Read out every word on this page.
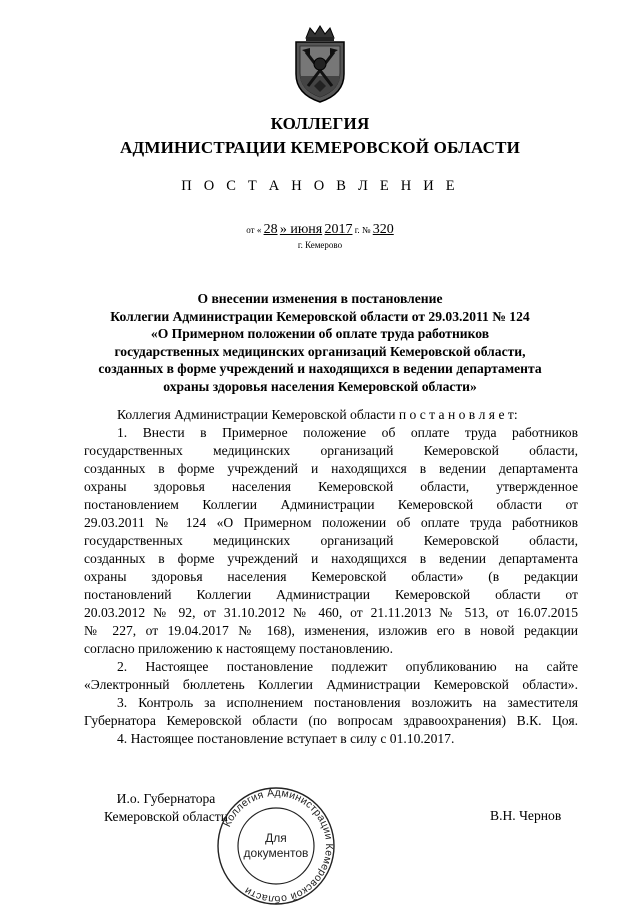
КОЛЛЕГИЯ
АДМИНИСТРАЦИИ КЕМЕРОВСКОЙ ОБЛАСТИ
П О С Т А Н О В Л Е Н И Е
от « 28 » июня 2017 г. № 320
г. Кемерово
О внесении изменения в постановление
Коллегии Администрации Кемеровской области от 29.03.2011 № 124
«О Примерном положении об оплате труда работников
государственных медицинских организаций Кемеровской области,
созданных в форме учреждений и находящихся в ведении департамента
охраны здоровья населения Кемеровской области»
Коллегия Администрации Кемеровской области п о с т а н о в л я е т:
1. Внести в Примерное положение об оплате труда работников
государственных медицинских организаций Кемеровской области,
созданных в форме учреждений и находящихся в ведении департамента
охраны здоровья населения Кемеровской области, утвержденное
постановлением Коллегии Администрации Кемеровской области от
29.03.2011 № 124 «О Примерном положении об оплате труда работников
государственных медицинских организаций Кемеровской области,
созданных в форме учреждений и находящихся в ведении департамента
охраны здоровья населения Кемеровской области» (в редакции
постановлений Коллегии Администрации Кемеровской области от
20.03.2012 № 92, от 31.10.2012 № 460, от 21.11.2013 № 513, от 16.07.2015
№ 227, от 19.04.2017 № 168), изменения, изложив его в новой редакции
согласно приложению к настоящему постановлению.
2. Настоящее постановление подлежит опубликованию на сайте
«Электронный бюллетень Коллегии Администрации Кемеровской области».
3. Контроль за исполнением постановления возложить на заместителя
Губернатора Кемеровской области (по вопросам здравоохранения) В.К. Цоя.
4. Настоящее постановление вступает в силу с 01.10.2017.
И.о. Губернатора
Кемеровской области	В.Н. Чернов
Коллегия Администрации Кемеровской области
Для
документов
